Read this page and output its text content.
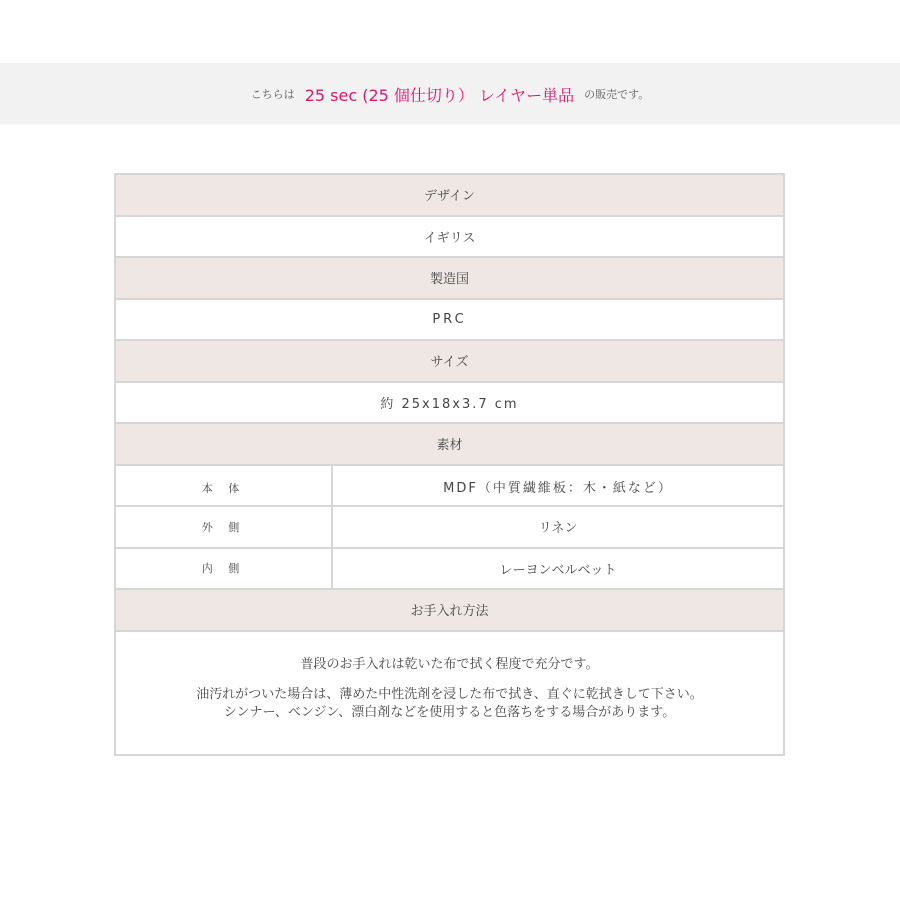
こちらは 25 sec (25 個仕切り） レイヤー単品 の販売です。
デザイン
イギリス
製造国
PRC
サイズ
約 25x18x3.7 cm
素材
本 体	MDF（中質繊維板：木・紙など）
外 側	リネン
内 側	レーヨンベルベット
お手入れ方法

普段のお手入れは乾いた布で拭く程度で充分です。

油汚れがついた場合は、薄めた中性洗剤を浸した布で拭き、直ぐに乾拭きして下さい。

シンナー、ベンジン、漂白剤などを使用すると色落ちをする場合があります。
